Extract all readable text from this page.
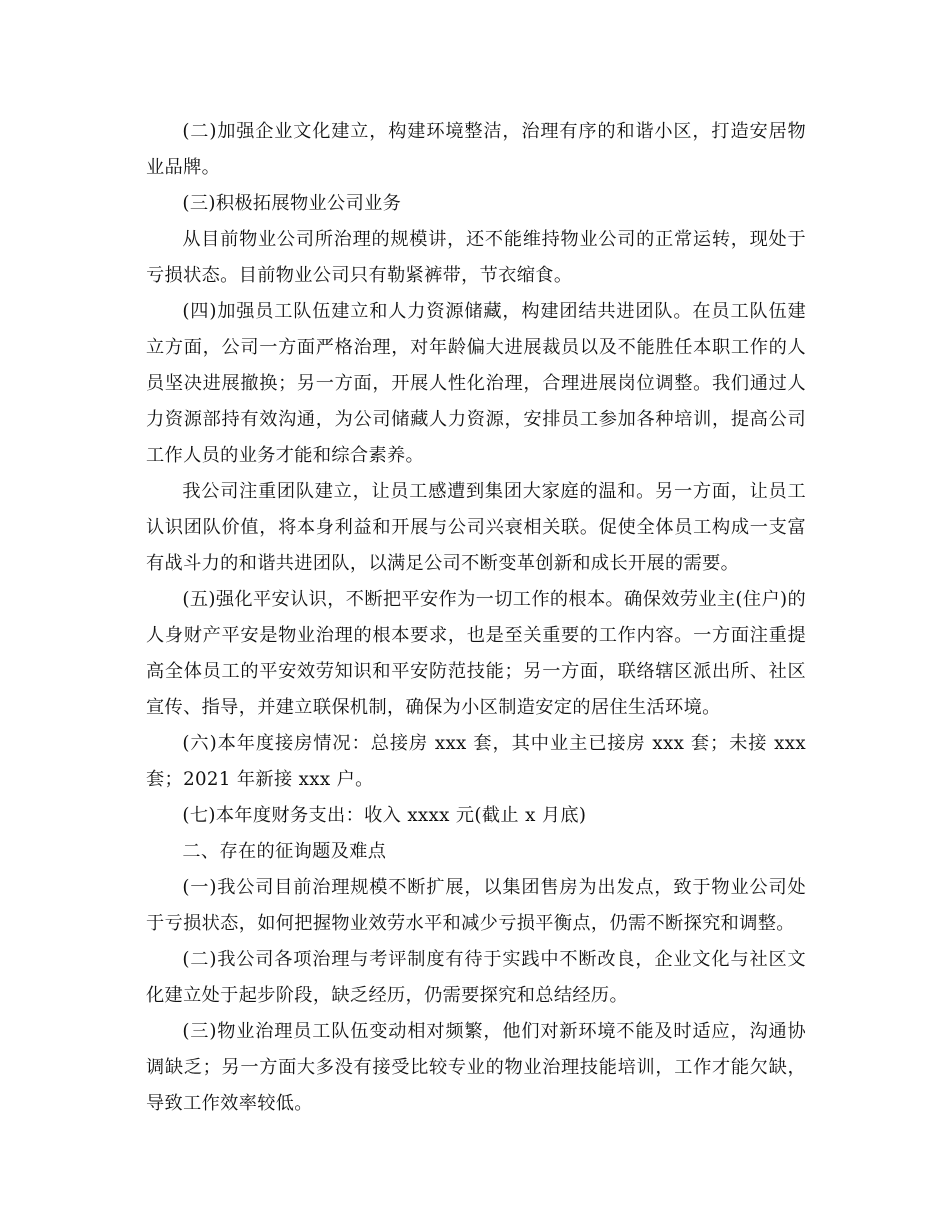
(二)加强企业文化建立，构建环境整洁，治理有序的和谐小区，打造安居物业品牌。

(三)积极拓展物业公司业务

从目前物业公司所治理的规模讲，还不能维持物业公司的正常运转，现处于亏损状态。目前物业公司只有勒紧裤带，节衣缩食。

(四)加强员工队伍建立和人力资源储藏，构建团结共进团队。在员工队伍建立方面，公司一方面严格治理，对年龄偏大进展裁员以及不能胜任本职工作的人员坚决进展撤换；另一方面，开展人性化治理，合理进展岗位调整。我们通过人力资源部持有效沟通，为公司储藏人力资源，安排员工参加各种培训，提高公司工作人员的业务才能和综合素养。

我公司注重团队建立，让员工感遭到集团大家庭的温和。另一方面，让员工认识团队价值，将本身利益和开展与公司兴衰相关联。促使全体员工构成一支富有战斗力的和谐共进团队，以满足公司不断变革创新和成长开展的需要。

(五)强化平安认识，不断把平安作为一切工作的根本。确保效劳业主(住户)的人身财产平安是物业治理的根本要求，也是至关重要的工作内容。一方面注重提高全体员工的平安效劳知识和平安防范技能；另一方面，联络辖区派出所、社区宣传、指导，并建立联保机制，确保为小区制造安定的居住生活环境。

(六)本年度接房情况：总接房 xxx 套，其中业主已接房 xxx 套；未接 xxx 套；2021 年新接 xxx 户。

(七)本年度财务支出：收入 xxxx 元(截止 x 月底)

二、存在的征询题及难点

(一)我公司目前治理规模不断扩展，以集团售房为出发点，致于物业公司处于亏损状态，如何把握物业效劳水平和减少亏损平衡点，仍需不断探究和调整。

(二)我公司各项治理与考评制度有待于实践中不断改良，企业文化与社区文化建立处于起步阶段，缺乏经历，仍需要探究和总结经历。

(三)物业治理员工队伍变动相对频繁，他们对新环境不能及时适应，沟通协调缺乏；另一方面大多没有接受比较专业的物业治理技能培训，工作才能欠缺，导致工作效率较低。
